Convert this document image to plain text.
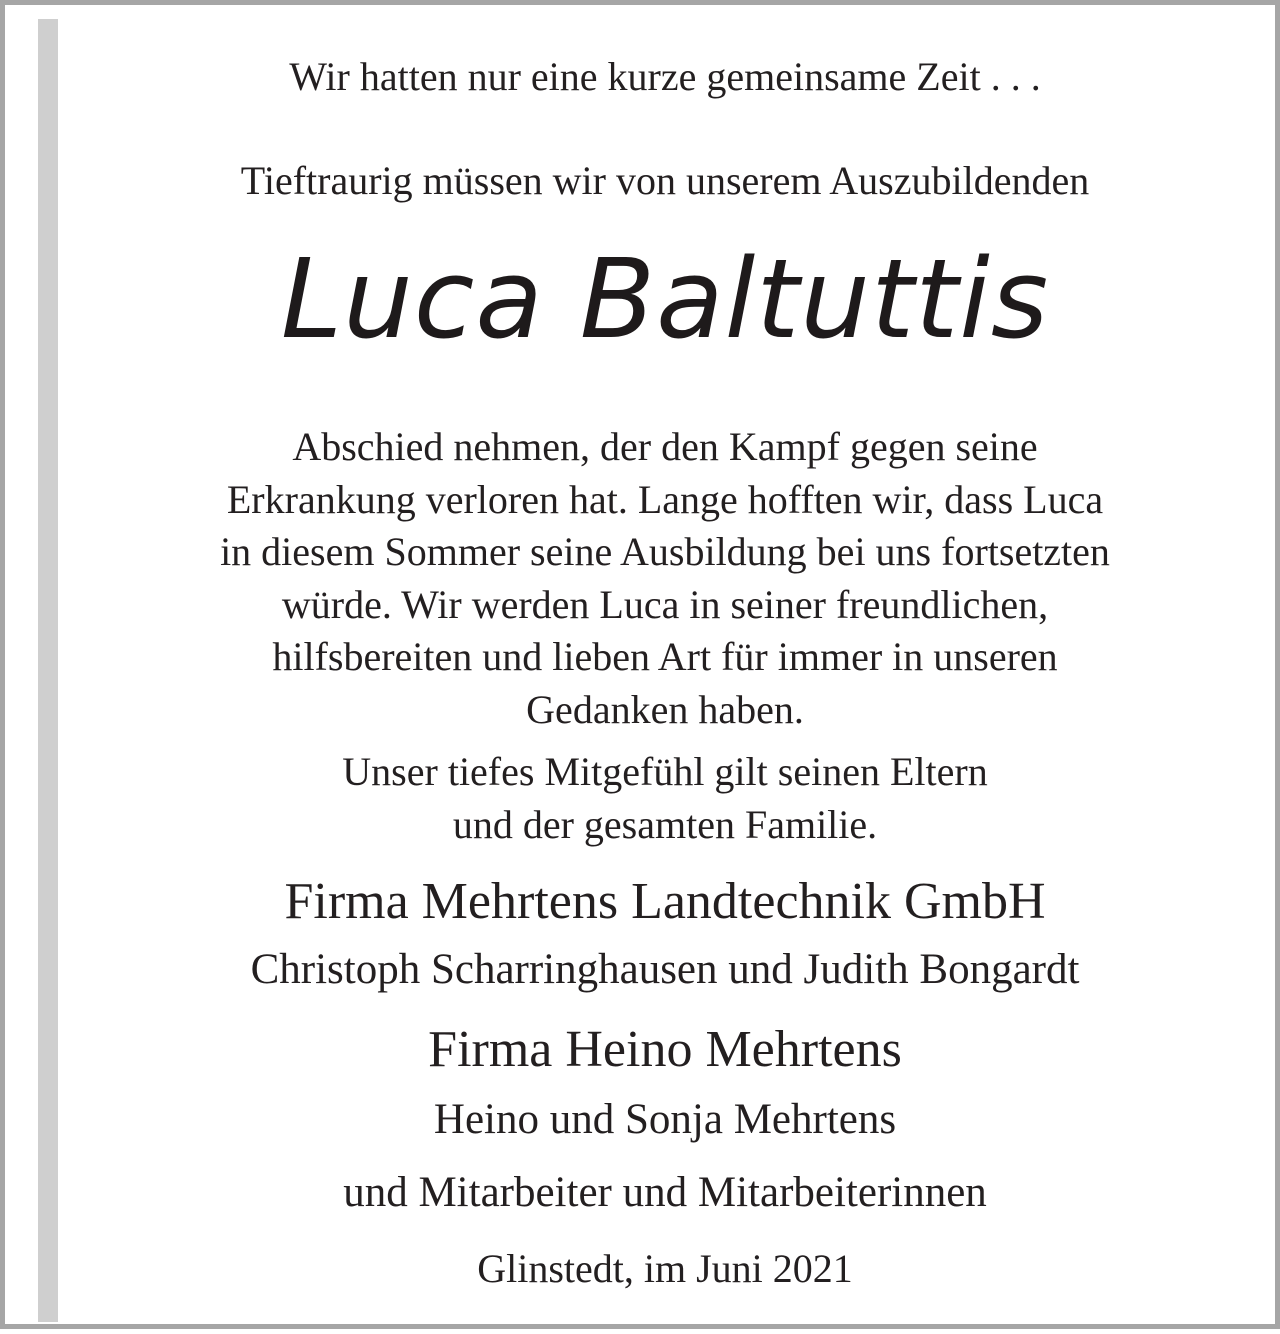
Wir hatten nur eine kurze gemeinsame Zeit . . .
Tieftraurig müssen wir von unserem Auszubildenden
Luca Baltuttis
Abschied nehmen, der den Kampf gegen seine
Erkrankung verloren hat. Lange hofften wir, dass Luca
in diesem Sommer seine Ausbildung bei uns fortsetzten
würde. Wir werden Luca in seiner freundlichen,
hilfsbereiten und lieben Art für immer in unseren
Gedanken haben.
Unser tiefes Mitgefühl gilt seinen Eltern
und der gesamten Familie.
Firma Mehrtens Landtechnik GmbH
Christoph Scharringhausen und Judith Bongardt
Firma Heino Mehrtens
Heino und Sonja Mehrtens
und Mitarbeiter und Mitarbeiterinnen
Glinstedt, im Juni 2021
